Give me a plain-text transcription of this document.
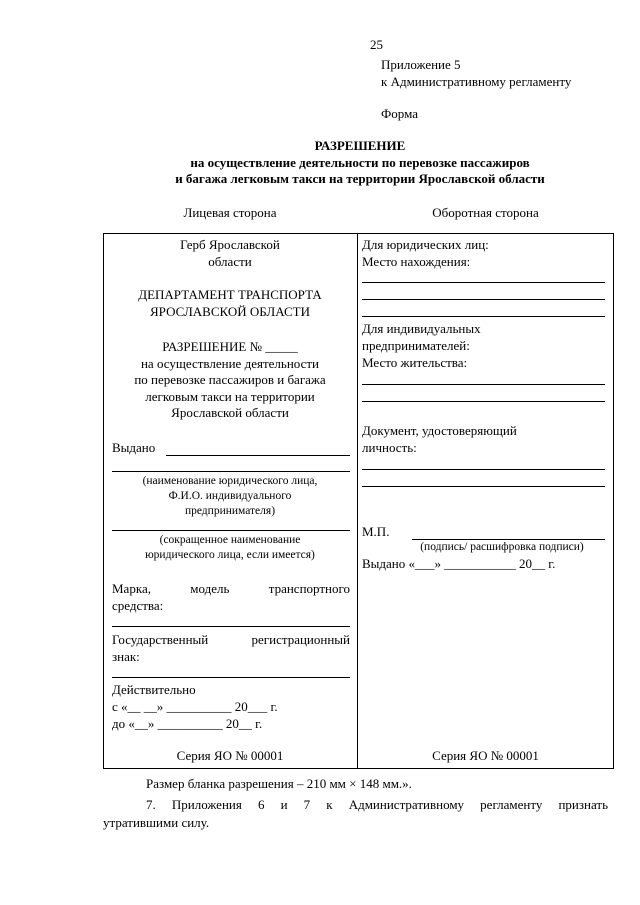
25
Приложение 5
к Административному регламенту
Форма
РАЗРЕШЕНИЕ
на осуществление деятельности по перевозке пассажиров
и багажа легковым такси на территории Ярославской области
Лицевая сторона	Оборотная сторона
Герб Ярославской
области
ДЕПАРТАМЕНТ ТРАНСПОРТА
ЯРОСЛАВСКОЙ ОБЛАСТИ
РАЗРЕШЕНИЕ № _____
на осуществление деятельности
по перевозке пассажиров и багажа
легковым такси на территории
Ярославской области
Выдано
(наименование юридического лица,
Ф.И.О. индивидуального
предпринимателя)
(сокращенное наименование
юридического лица, если имеется)
Марка, модель транспортного
средства:
Государственный регистрационный
знак:
Действительно
с «__ __» __________ 20___ г.
до «__» __________ 20__ г.
Серия ЯО № 00001
Для юридических лиц:
Место нахождения:
Для индивидуальных
предпринимателей:
Место жительства:
Документ, удостоверяющий
личность:
М.П.
(подпись/ расшифровка подписи)
Выдано «___» ___________ 20__ г.
Серия ЯО № 00001
Размер бланка разрешения – 210 мм × 148 мм.».
7. Приложения 6 и 7 к Административному регламенту признать
утратившими силу.
